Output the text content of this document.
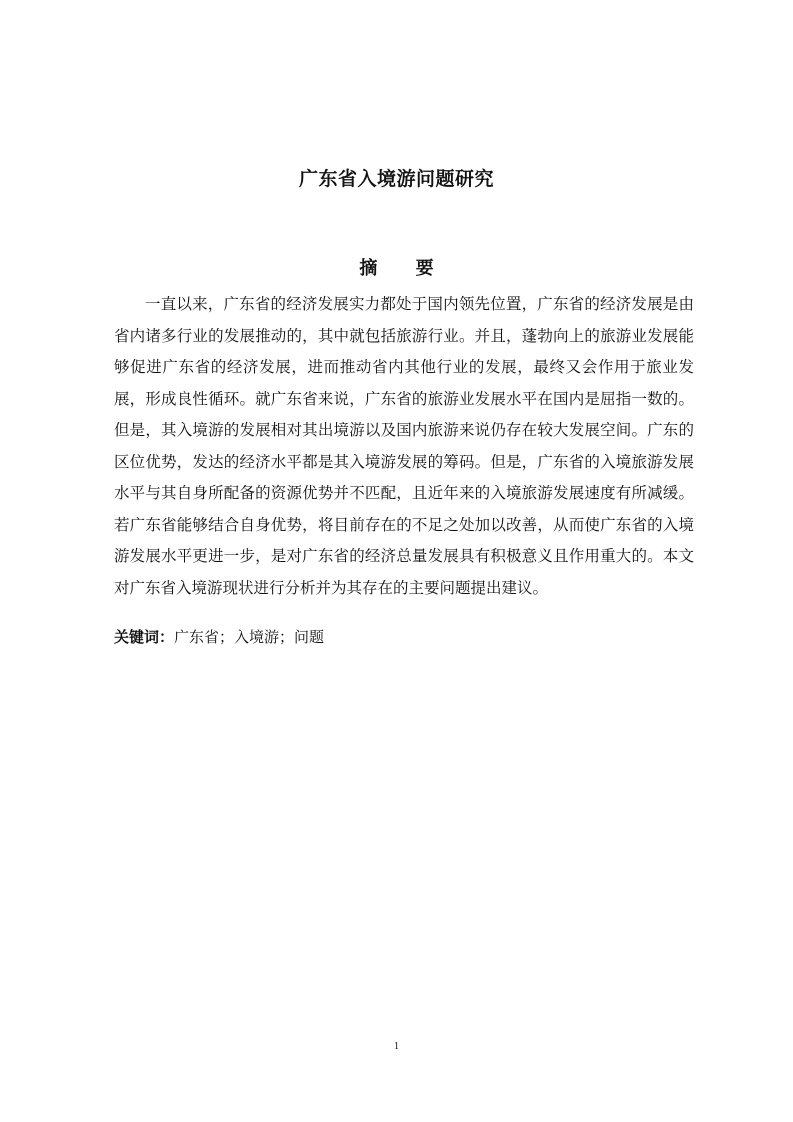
广东省入境游问题研究
摘 要

一直以来，广东省的经济发展实力都处于国内领先位置，广东省的经济发展是由省内诸多行业的发展推动的，其中就包括旅游行业。并且，蓬勃向上的旅游业发展能够促进广东省的经济发展，进而推动省内其他行业的发展，最终又会作用于旅业发展，形成良性循环。就广东省来说，广东省的旅游业发展水平在国内是屈指一数的。但是，其入境游的发展相对其出境游以及国内旅游来说仍存在较大发展空间。广东的区位优势，发达的经济水平都是其入境游发展的筹码。但是，广东省的入境旅游发展水平与其自身所配备的资源优势并不匹配，且近年来的入境旅游发展速度有所减缓。若广东省能够结合自身优势，将目前存在的不足之处加以改善，从而使广东省的入境游发展水平更进一步，是对广东省的经济总量发展具有积极意义且作用重大的。本文对广东省入境游现状进行分析并为其存在的主要问题提出建议。

关键词：广东省；入境游；问题
1
